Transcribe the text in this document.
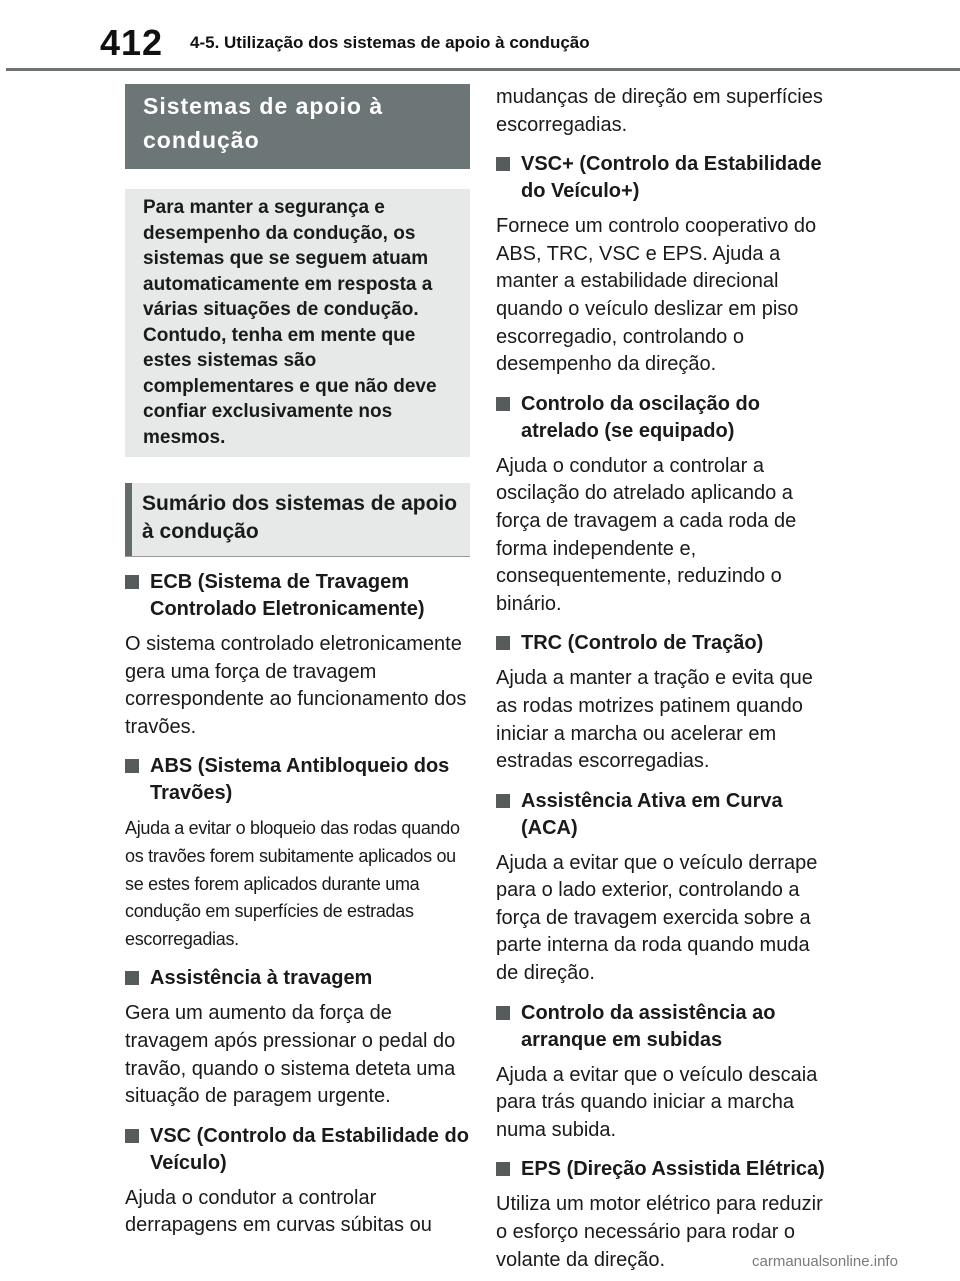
412 4-5. Utilização dos sistemas de apoio à condução
Sistemas de apoio à condução
Para manter a segurança e desempenho da condução, os sistemas que se seguem atuam automaticamente em resposta a várias situações de condução. Contudo, tenha em mente que estes sistemas são complementares e que não deve confiar exclusivamente nos mesmos.
Sumário dos sistemas de apoio à condução
ECB (Sistema de Travagem Controlado Eletronicamente)
O sistema controlado eletronicamente gera uma força de travagem correspondente ao funcionamento dos travões.
ABS (Sistema Antibloqueio dos Travões)
Ajuda a evitar o bloqueio das rodas quando os travões forem subitamente aplicados ou se estes forem aplicados durante uma condução em superfícies de estradas escorregadias.
Assistência à travagem
Gera um aumento da força de travagem após pressionar o pedal do travão, quando o sistema deteta uma situação de paragem urgente.
VSC (Controlo da Estabilidade do Veículo)
Ajuda o condutor a controlar derrapagens em curvas súbitas ou
mudanças de direção em superfícies escorregadias.
VSC+ (Controlo da Estabilidade do Veículo+)
Fornece um controlo cooperativo do ABS, TRC, VSC e EPS. Ajuda a manter a estabilidade direcional quando o veículo deslizar em piso escorregadio, controlando o desempenho da direção.
Controlo da oscilação do atrelado (se equipado)
Ajuda o condutor a controlar a oscilação do atrelado aplicando a força de travagem a cada roda de forma independente e, consequentemente, reduzindo o binário.
TRC (Controlo de Tração)
Ajuda a manter a tração e evita que as rodas motrizes patinem quando iniciar a marcha ou acelerar em estradas escorregadias.
Assistência Ativa em Curva (ACA)
Ajuda a evitar que o veículo derrape para o lado exterior, controlando a força de travagem exercida sobre a parte interna da roda quando muda de direção.
Controlo da assistência ao arranque em subidas
Ajuda a evitar que o veículo descaia para trás quando iniciar a marcha numa subida.
EPS (Direção Assistida Elétrica)
Utiliza um motor elétrico para reduzir o esforço necessário para rodar o volante da direção.	carmanualsonline.info
